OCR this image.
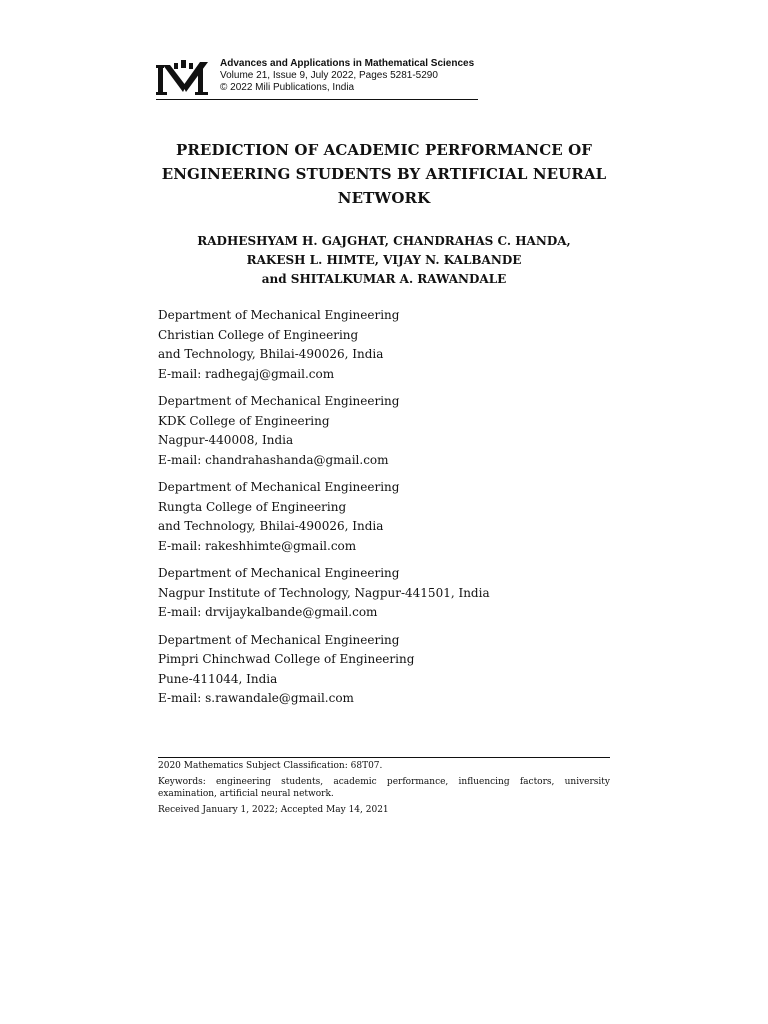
Advances and Applications in Mathematical Sciences
Volume 21, Issue 9, July 2022, Pages 5281-5290
© 2022 Mili Publications, India
PREDICTION OF ACADEMIC PERFORMANCE OF
ENGINEERING STUDENTS BY ARTIFICIAL NEURAL
NETWORK
RADHESHYAM H. GAJGHAT, CHANDRAHAS C. HANDA,
RAKESH L. HIMTE, VIJAY N. KALBANDE
and SHITALKUMAR A. RAWANDALE
Department of Mechanical Engineering
Christian College of Engineering
and Technology, Bhilai-490026, India
E-mail: radhegaj@gmail.com
Department of Mechanical Engineering
KDK College of Engineering
Nagpur-440008, India
E-mail: chandrahashanda@gmail.com
Department of Mechanical Engineering
Rungta College of Engineering
and Technology, Bhilai-490026, India
E-mail: rakeshhimte@gmail.com
Department of Mechanical Engineering
Nagpur Institute of Technology, Nagpur-441501, India
E-mail: drvijaykalbande@gmail.com
Department of Mechanical Engineering
Pimpri Chinchwad College of Engineering
Pune-411044, India
E-mail: s.rawandale@gmail.com
2020 Mathematics Subject Classification: 68T07.
Keywords: engineering students, academic performance, influencing factors, university examination, artificial neural network.
Received January 1, 2022; Accepted May 14, 2021
